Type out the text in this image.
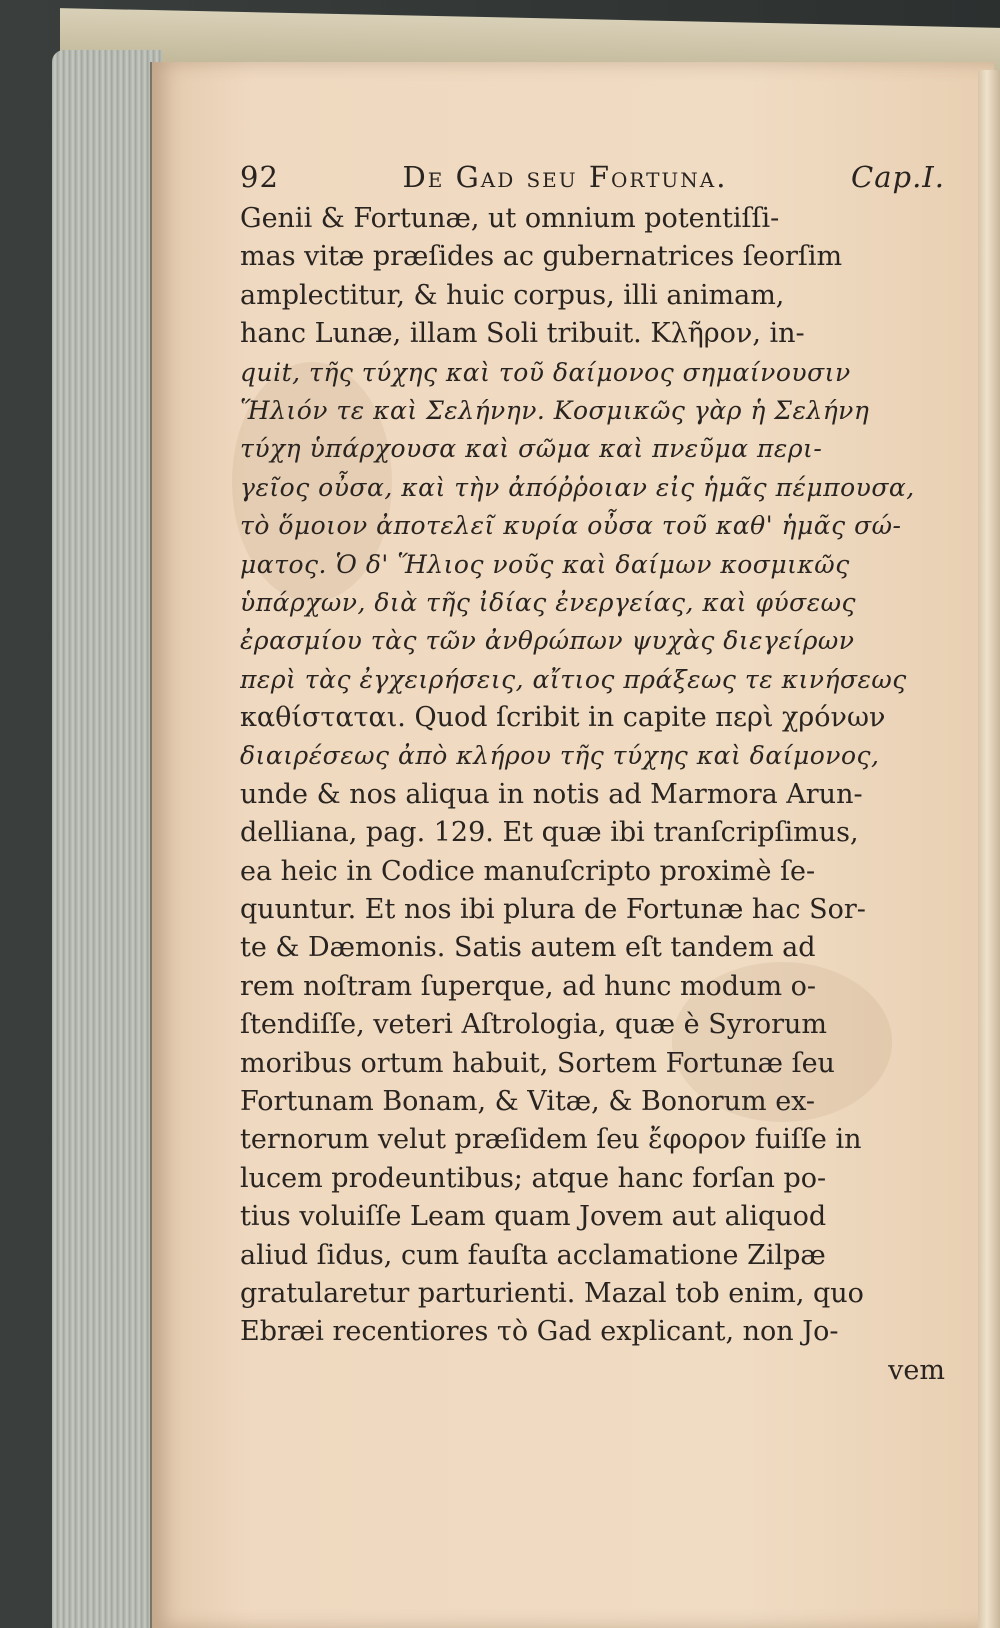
92	De Gad seu Fortuna.	Cap.I.
Genii & Fortunæ, ut omnium potentiſſi-
mas vitæ præſides ac gubernatrices ſeorſim
amplectitur, & huic corpus, illi animam,
hanc Lunæ, illam Soli tribuit. Κλῆρον, in-
quit, τῆς τύχης καὶ τοῦ δαίμονος σημαίνουσιν
Ἥλιόν τε καὶ Σελήνην. Κοσμικῶς γὰρ ἡ Σελήνη
τύχη ὑπάρχουσα καὶ σῶμα καὶ πνεῦμα περι-
γεῖος οὖσα, καὶ τὴν ἀπόῤῥοιαν εἰς ἡμᾶς πέμπουσα,
τὸ ὅμοιον ἀποτελεῖ κυρία οὖσα τοῦ καθ' ἡμᾶς σώ-
ματος. Ὁ δ' Ἥλιος νοῦς καὶ δαίμων κοσμικῶς
ὑπάρχων, διὰ τῆς ἰδίας ἐνεργείας, καὶ φύσεως
ἐρασμίου τὰς τῶν ἀνθρώπων ψυχὰς διεγείρων
περὶ τὰς ἐγχειρήσεις, αἴτιος πράξεως τε κινήσεως
καθίσταται. Quod ſcribit in capite περὶ χρόνων
διαιρέσεως ἀπὸ κλήρου τῆς τύχης καὶ δαίμονος,
unde & nos aliqua in notis ad Marmora Arun-
delliana, pag. 129. Et quæ ibi tranſcripſimus,
ea heic in Codice manuſcripto proximè ſe-
quuntur. Et nos ibi plura de Fortunæ hac Sor-
te & Dæmonis. Satis autem eſt tandem ad
rem noſtram ſuperque, ad hunc modum o-
ſtendiſſe, veteri Aſtrologia, quæ è Syrorum
moribus ortum habuit, Sortem Fortunæ ſeu
Fortunam Bonam, & Vitæ, & Bonorum ex-
ternorum velut præſidem ſeu ἔφορον fuiſſe in
lucem prodeuntibus; atque hanc forſan po-
tius voluiſſe Leam quam Jovem aut aliquod
aliud ſidus, cum fauſta acclamatione Zilpæ
gratularetur parturienti. Mazal tob enim, quo
Ebræi recentiores τὸ Gad explicant, non Jo-
vem
